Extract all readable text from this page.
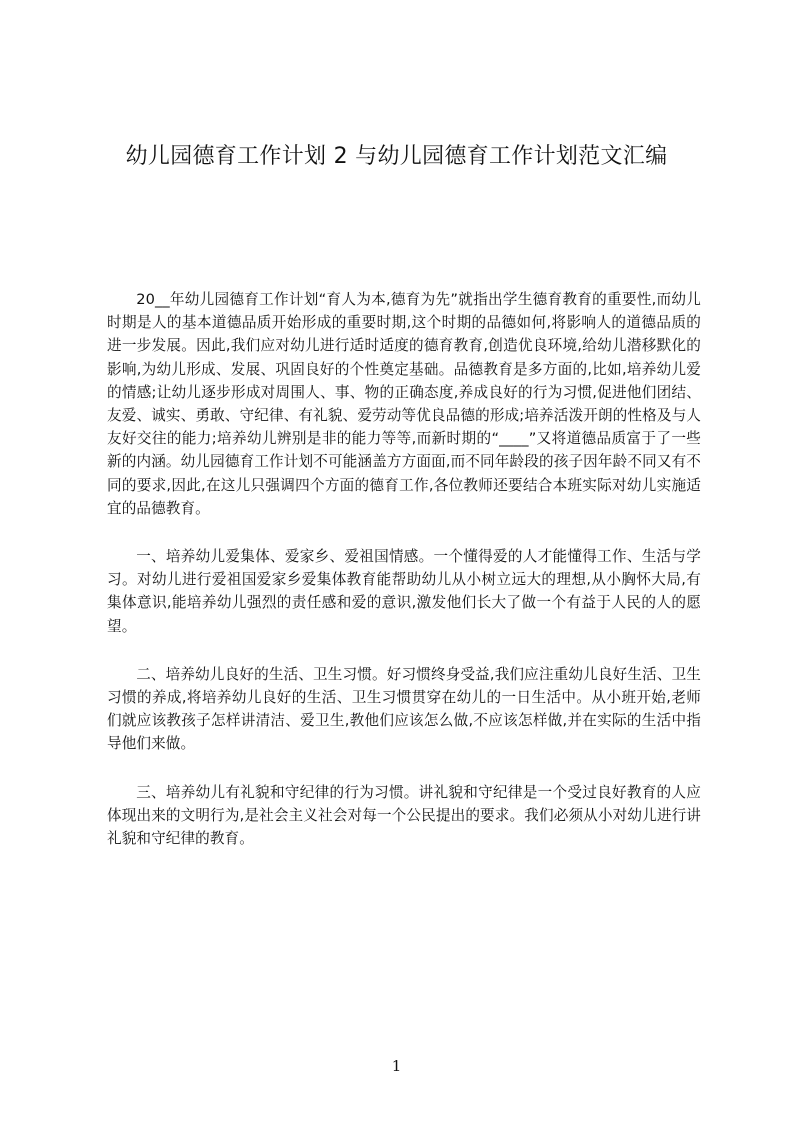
幼儿园德育工作计划 2 与幼儿园德育工作计划范文汇编

20__年幼儿园德育工作计划“育人为本,德育为先”就指出学生德育教育的重要性,而幼儿时期是人的基本道德品质开始形成的重要时期,这个时期的品德如何,将影响人的道德品质的进一步发展。因此,我们应对幼儿进行适时适度的德育教育,创造优良环境,给幼儿潜移默化的影响,为幼儿形成、发展、巩固良好的个性奠定基础。品德教育是多方面的,比如,培养幼儿爱的情感;让幼儿逐步形成对周围人、事、物的正确态度,养成良好的行为习惯,促进他们团结、友爱、诚实、勇敢、守纪律、有礼貌、爱劳动等优良品德的形成;培养活泼开朗的性格及与人友好交往的能力;培养幼儿辨别是非的能力等等,而新时期的“____”又将道德品质富于了一些新的内涵。幼儿园德育工作计划不可能涵盖方方面面,而不同年龄段的孩子因年龄不同又有不同的要求,因此,在这儿只强调四个方面的德育工作,各位教师还要结合本班实际对幼儿实施适宜的品德教育。

一、培养幼儿爱集体、爱家乡、爱祖国情感。一个懂得爱的人才能懂得工作、生活与学习。对幼儿进行爱祖国爱家乡爱集体教育能帮助幼儿从小树立远大的理想,从小胸怀大局,有集体意识,能培养幼儿强烈的责任感和爱的意识,激发他们长大了做一个有益于人民的人的愿望。

二、培养幼儿良好的生活、卫生习惯。好习惯终身受益,我们应注重幼儿良好生活、卫生习惯的养成,将培养幼儿良好的生活、卫生习惯贯穿在幼儿的一日生活中。从小班开始,老师们就应该教孩子怎样讲清洁、爱卫生,教他们应该怎么做,不应该怎样做,并在实际的生活中指导他们来做。

三、培养幼儿有礼貌和守纪律的行为习惯。讲礼貌和守纪律是一个受过良好教育的人应体现出来的文明行为,是社会主义社会对每一个公民提出的要求。我们必须从小对幼儿进行讲礼貌和守纪律的教育。

1
